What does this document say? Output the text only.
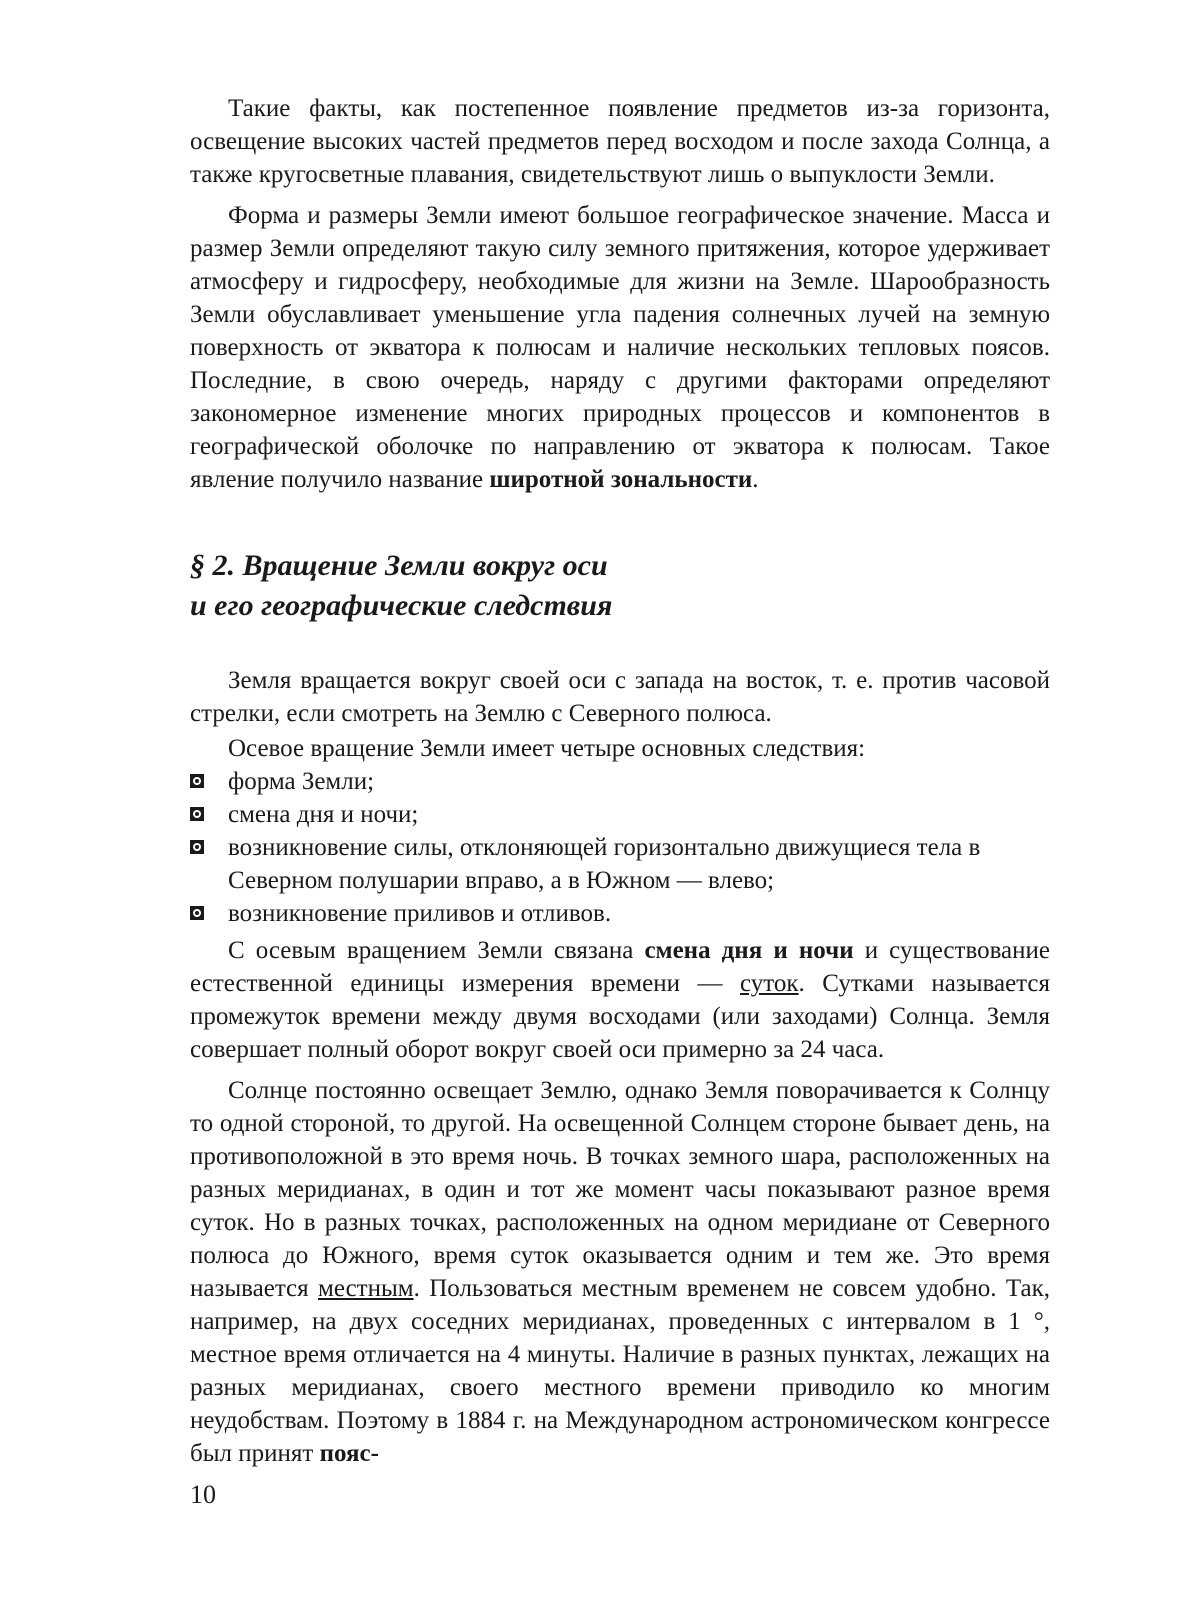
Такие факты, как постепенное появление предметов из-за горизонта, освещение высоких частей предметов перед восходом и после захода Солнца, а также кругосветные плавания, свидетельствуют лишь о выпуклости Земли.

Форма и размеры Земли имеют большое географическое значение. Масса и размер Земли определяют такую силу земного притяжения, которое удерживает атмосферу и гидросферу, необходимые для жизни на Земле. Шарообразность Земли обуславливает уменьшение угла падения солнечных лучей на земную поверхность от экватора к полюсам и наличие нескольких тепловых поясов. Последние, в свою очередь, наряду с другими факторами определяют закономерное изменение многих природных процессов и компонентов в географической оболочке по направлению от экватора к полюсам. Такое явление получило название широтной зональности.

§ 2. Вращение Земли вокруг оси
и его географические следствия

Земля вращается вокруг своей оси с запада на восток, т. е. против часовой стрелки, если смотреть на Землю с Северного полюса.

Осевое вращение Земли имеет четыре основных следствия:

форма Земли;
смена дня и ночи;
возникновение силы, отклоняющей горизонтально движущиеся тела в Северном полушарии вправо, а в Южном — влево;
возникновение приливов и отливов.

С осевым вращением Земли связана смена дня и ночи и существование естественной единицы измерения времени — суток. Сутками называется промежуток времени между двумя восходами (или заходами) Солнца. Земля совершает полный оборот вокруг своей оси примерно за 24 часа.

Солнце постоянно освещает Землю, однако Земля поворачивается к Солнцу то одной стороной, то другой. На освещенной Солнцем стороне бывает день, на противоположной в это время ночь. В точках земного шара, расположенных на разных меридианах, в один и тот же момент часы показывают разное время суток. Но в разных точках, расположенных на одном меридиане от Северного полюса до Южного, время суток оказывается одним и тем же. Это время называется местным. Пользоваться местным временем не совсем удобно. Так, например, на двух соседних меридианах, проведенных с интервалом в 1 °, местное время отличается на 4 минуты. Наличие в разных пунктах, лежащих на разных меридианах, своего местного времени приводило ко многим неудобствам. Поэтому в 1884 г. на Международном астрономическом конгрессе был принят пояс-

10
